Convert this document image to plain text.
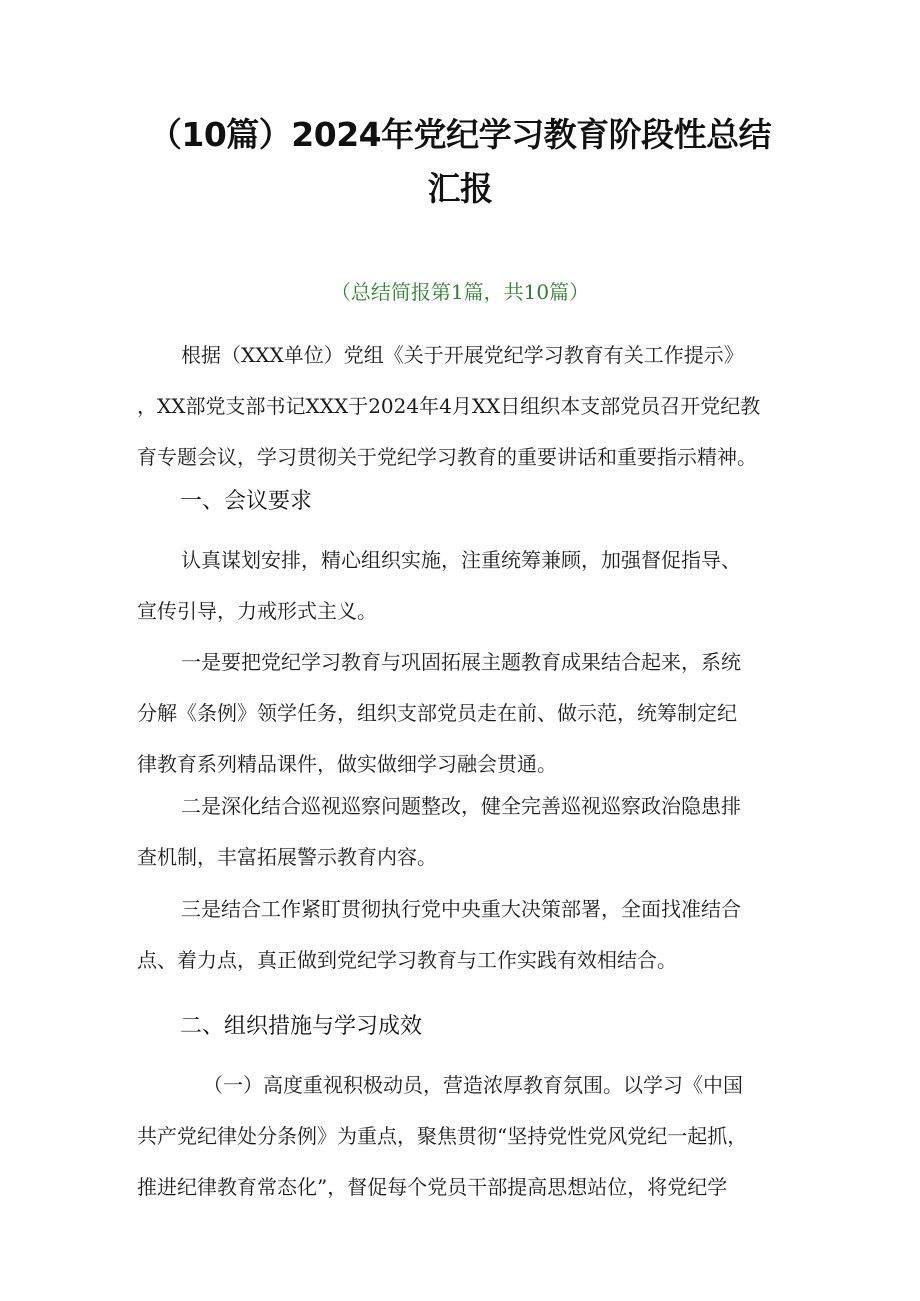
（10篇）2024年党纪学习教育阶段性总结
汇报
（总结简报第1篇，共10篇）
根据（XXX单位）党组《关于开展党纪学习教育有关工作提示》
，XX部党支部书记XXX于2024年4月XX日组织本支部党员召开党纪教
育专题会议，学习贯彻关于党纪学习教育的重要讲话和重要指示精神。
一、会议要求
认真谋划安排，精心组织实施，注重统筹兼顾，加强督促指导、
宣传引导，力戒形式主义。
一是要把党纪学习教育与巩固拓展主题教育成果结合起来，系统
分解《条例》领学任务，组织支部党员走在前、做示范，统筹制定纪
律教育系列精品课件，做实做细学习融会贯通。
二是深化结合巡视巡察问题整改，健全完善巡视巡察政治隐患排
查机制，丰富拓展警示教育内容。
三是结合工作紧盯贯彻执行党中央重大决策部署，全面找准结合
点、着力点，真正做到党纪学习教育与工作实践有效相结合。
二、组织措施与学习成效
（一）高度重视积极动员，营造浓厚教育氛围。以学习《中国
共产党纪律处分条例》为重点，聚焦贯彻“坚持党性党风党纪一起抓，
推进纪律教育常态化”，督促每个党员干部提高思想站位，将党纪学
